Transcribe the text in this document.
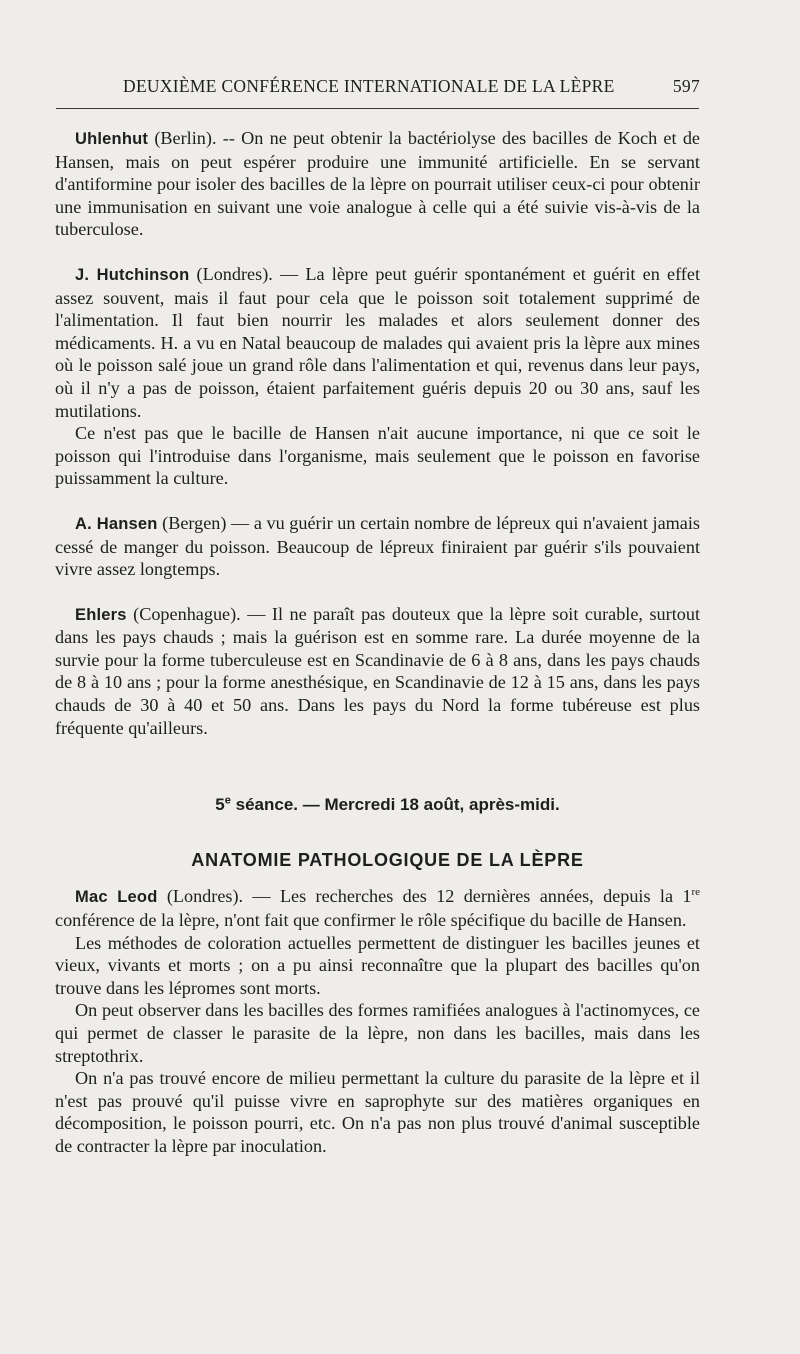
DEUXIÈME CONFÉRENCE INTERNATIONALE DE LA LÈPRE	597

Uhlenhut (Berlin). -- On ne peut obtenir la bactériolyse des bacilles de Koch et de Hansen, mais on peut espérer produire une immunité artificielle. En se servant d'antiformine pour isoler des bacilles de la lèpre on pourrait utiliser ceux-ci pour obtenir une immunisation en suivant une voie analogue à celle qui a été suivie vis-à-vis de la tuberculose.

J. Hutchinson (Londres). — La lèpre peut guérir spontanément et guérit en effet assez souvent, mais il faut pour cela que le poisson soit totalement supprimé de l'alimentation. Il faut bien nourrir les malades et alors seulement donner des médicaments. H. a vu en Natal beaucoup de malades qui avaient pris la lèpre aux mines où le poisson salé joue un grand rôle dans l'alimentation et qui, revenus dans leur pays, où il n'y a pas de poisson, étaient parfaitement guéris depuis 20 ou 30 ans, sauf les mutilations.

Ce n'est pas que le bacille de Hansen n'ait aucune importance, ni que ce soit le poisson qui l'introduise dans l'organisme, mais seulement que le poisson en favorise puissamment la culture.

A. Hansen (Bergen) — a vu guérir un certain nombre de lépreux qui n'avaient jamais cessé de manger du poisson. Beaucoup de lépreux finiraient par guérir s'ils pouvaient vivre assez longtemps.

Ehlers (Copenhague). — Il ne paraît pas douteux que la lèpre soit curable, surtout dans les pays chauds ; mais la guérison est en somme rare. La durée moyenne de la survie pour la forme tuberculeuse est en Scandinavie de 6 à 8 ans, dans les pays chauds de 8 à 10 ans ; pour la forme anesthésique, en Scandinavie de 12 à 15 ans, dans les pays chauds de 30 à 40 et 50 ans. Dans les pays du Nord la forme tubéreuse est plus fréquente qu'ailleurs.

5e séance. — Mercredi 18 août, après-midi.

ANATOMIE PATHOLOGIQUE DE LA LÈPRE

Mac Leod (Londres). — Les recherches des 12 dernières années, depuis la 1re conférence de la lèpre, n'ont fait que confirmer le rôle spécifique du bacille de Hansen.

Les méthodes de coloration actuelles permettent de distinguer les bacilles jeunes et vieux, vivants et morts ; on a pu ainsi reconnaître que la plupart des bacilles qu'on trouve dans les lépromes sont morts.

On peut observer dans les bacilles des formes ramifiées analogues à l'actinomyces, ce qui permet de classer le parasite de la lèpre, non dans les bacilles, mais dans les streptothrix.

On n'a pas trouvé encore de milieu permettant la culture du parasite de la lèpre et il n'est pas prouvé qu'il puisse vivre en saprophyte sur des matières organiques en décomposition, le poisson pourri, etc. On n'a pas non plus trouvé d'animal susceptible de contracter la lèpre par inoculation.
